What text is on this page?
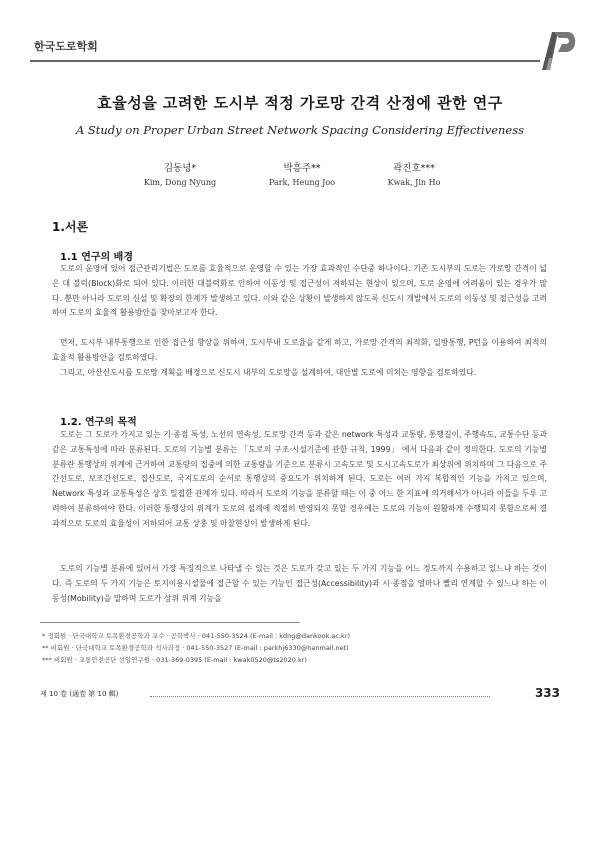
한국도로학회
효율성을 고려한 도시부 적정 가로망 간격 산정에 관한 연구
A Study on Proper Urban Street Network Spacing Considering Effectiveness
김동녕*
Kim, Dong Nyung
박흥주**
Park, Heung Joo
곽진호***
Kwak, Jin Ho
1.서론
1.1 연구의 배경
도로의 운영에 있어 접근관리기법은 도로를 효율적으로 운영할 수 있는 가장 효과적인 수단중 하나이다. 기존 도시부의 도로는 가로망 간격이 넓은 대 블럭(Block)화로 되어 있다. 이러한 대블럭화로 인하여 이동성 및 접근성이 저하되는 현상이 있으며, 도로 운영에 어려움이 있는 경우가 많다. 뿐만 아니라 도로의 신설 및 확장의 한계가 발생하고 있다. 이와 같은 상황이 발생하지 않도록 신도시 개발에서 도로의 이동성 및 접근성을 고려하여 도로의 효율적 활용방안을 찾아보고자 한다.
먼저, 도시부 내부통행으로 인한 접근성 향상을 위하여, 도시부내 도로율을 같게 하고, 가로망 간격의 최적화, 일방통행, P턴을 이용하여 최적의 효율적 활용방안을 검토하였다.
그리고, 아산신도시를 도로망 계획을 배경으로 신도시 내부의 도로망을 설계하여, 대안별 도로에 미치는 영향을 검토하였다.
1.2. 연구의 목적
도로는 그 도로가 가지고 있는 기·종점 특성, 노선의 연속성, 도로망 간격 등과 같은 network 특성과 교통량, 통행길이, 주행속도, 교통수단 등과 같은 교통특성에 따라 분류된다. 도로의 기능별 분류는 「도로의 구조·시설기준에 관한 규칙, 1999」 에서 다음과 같이 정의한다. 도로의 기능별 분류란 통행상의 위계에 근거하여 교통량의 집중에 의한 교통량을 기준으로 분류시 고속도로 및 도시고속도로가 최상위에 위치하며 그 다음으로 주간선도로, 보조간선도로, 집산도로, 국지도로의 순서로 통행상의 중요도가 위치하게 된다. 도로는 여러 가지 복합적인 기능을 가지고 있으며, Network 특성과 교통특성은 상호 밀접한 관계가 있다. 따라서 도로의 기능을 분류할 때는 이 중 어느 한 지표에 의거해서가 아니라 이들을 두루 고려하여 분류하여야 한다. 이러한 통행상의 위계가 도로의 설계에 적절히 반영되지 못할 경우에는 도로의 기능이 원활하게 수행되지 못함으로써 결과적으로 도로의 효율성이 저하되어 교통 상충 및 마찰현상이 발생하게 된다.
도로의 기능별 분류에 있어서 가장 특징적으로 나타낼 수 있는 것은 도로가 갖고 있는 두 가지 기능을 어느 정도까지 수용하고 있느냐 하는 것이다. 즉 도로의 두 가지 기능은 토지이용시설물에 접근할 수 있는 기능인 접근성(Accessibility)과 시·종점을 얼마나 빨리 연계할 수 있느냐 하는 이동성(Mobility)을 말하며 도로가 상위 위계 기능을
* 정회원 · 단국대학교 토목환경공학과 교수 · 공학박사 · 041-550-3524 (E-mail : kdng@dankook.ac.kr)
** 비회원 · 단국대학교 토목환경공학과 석사과정 · 041-550-3527 (E-mail : parkhj6330@hanmail.net)
*** 비회원 · 교통안전공단 선임연구원 · 031-369-0395 (E-mail : kwak0520@ts2020.kr)
제 10 卷 (通卷 第 10 輯)	333
